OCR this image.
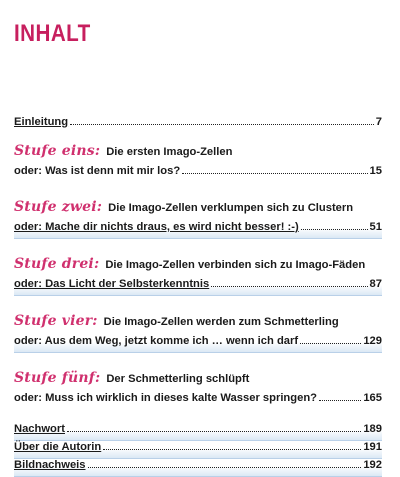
INHALT
Einleitung	7
Stufe eins: Die ersten Imago-Zellen
oder: Was ist denn mit mir los?	15
Stufe zwei: Die Imago-Zellen verklumpen sich zu Clustern
oder: Mache dir nichts draus, es wird nicht besser! :-)	51
Stufe drei: Die Imago-Zellen verbinden sich zu Imago-Fäden
oder: Das Licht der Selbsterkenntnis	87
Stufe vier: Die Imago-Zellen werden zum Schmetterling
oder: Aus dem Weg, jetzt komme ich … wenn ich darf	129
Stufe fünf: Der Schmetterling schlüpft
oder: Muss ich wirklich in dieses kalte Wasser springen?	165
Nachwort	189
Über die Autorin	191
Bildnachweis	192
